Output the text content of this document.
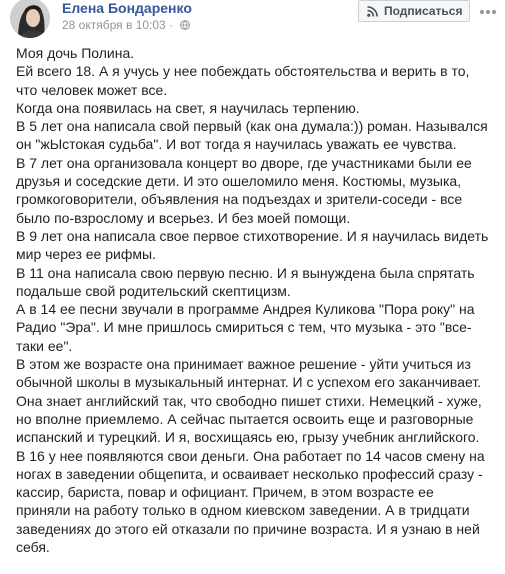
Елена Бондаренко
28 октября в 10:03 ·
Подписаться

Моя дочь Полина.

Ей всего 18. А я учусь у нее побеждать обстоятельства и верить в то,

что человек может все.

Когда она появилась на свет, я научилась терпению.

В 5 лет она написала свой первый (как она думала:)) роман. Назывался

он "жЫстокая судьба". И вот тогда я научилась уважать ее чувства.

В 7 лет она организовала концерт во дворе, где участниками были ее

друзья и соседские дети. И это ошеломило меня. Костюмы, музыка,

громкоговорители, объявления на подъездах и зрители-соседи - все

было по-взрослому и всерьез. И без моей помощи.

В 9 лет она написала свое первое стихотворение. И я научилась видеть

мир через ее рифмы.

В 11 она написала свою первую песню. И я вынуждена была спрятать

подальше свой родительский скептицизм.

А в 14 ее песни звучали в программе Андрея Куликова "Пора року" на

Радио "Эра". И мне пришлось смириться с тем, что музыка - это "все-

таки ее".

В этом же возрасте она принимает важное решение - уйти учиться из

обычной школы в музыкальный интернат. И с успехом его заканчивает.

Она знает английский так, что свободно пишет стихи. Немецкий - хуже,

но вполне приемлемо. А сейчас пытается освоить еще и разговорные

испанский и турецкий. И я, восхищаясь ею, грызу учебник английского.

В 16 у нее появляются свои деньги. Она работает по 14 часов смену на

ногах в заведении общепита, и осваивает несколько профессий сразу -

кассир, бариста, повар и официант. Причем, в этом возрасте ее

приняли на работу только в одном киевском заведении. А в тридцати

заведениях до этого ей отказали по причине возраста. И я узнаю в ней

себя.
